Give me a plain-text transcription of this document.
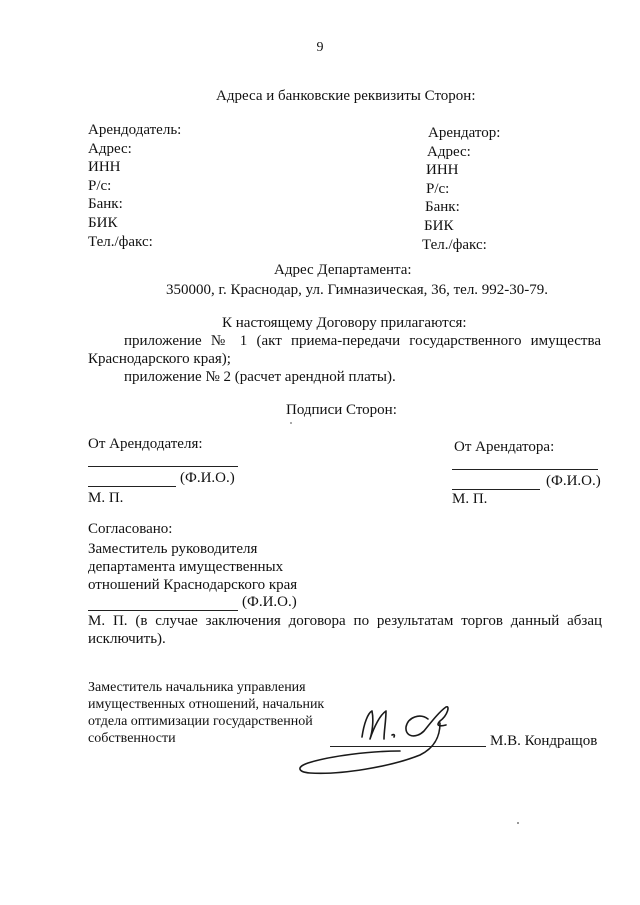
9
Адреса и банковские реквизиты Сторон:
Арендодатель:
Адрес:
ИНН
Р/с:
Банк:
БИК
Тел./факс:
Арендатор:
Адрес:
ИНН
Р/с:
Банк:
БИК
Тел./факс:
Адрес Департамента:
350000, г. Краснодар, ул. Гимназическая, 36, тел. 992-30-79.
К настоящему Договору прилагаются:
приложение № 1 (акт приема-передачи государственного имущества
Краснодарского края);
приложение № 2 (расчет арендной платы).
Подписи Сторон:
От Арендодателя:
(Ф.И.О.)
М. П.
От Арендатора:
(Ф.И.О.)
М. П.
Согласовано:
Заместитель руководителя
департамента имущественных
отношений Краснодарского края
(Ф.И.О.)
М. П. (в случае заключения договора по результатам торгов данный абзац
исключить).
Заместитель начальника управления
имущественных отношений, начальник
отдела оптимизации государственной
собственности	М.В. Кондращов
